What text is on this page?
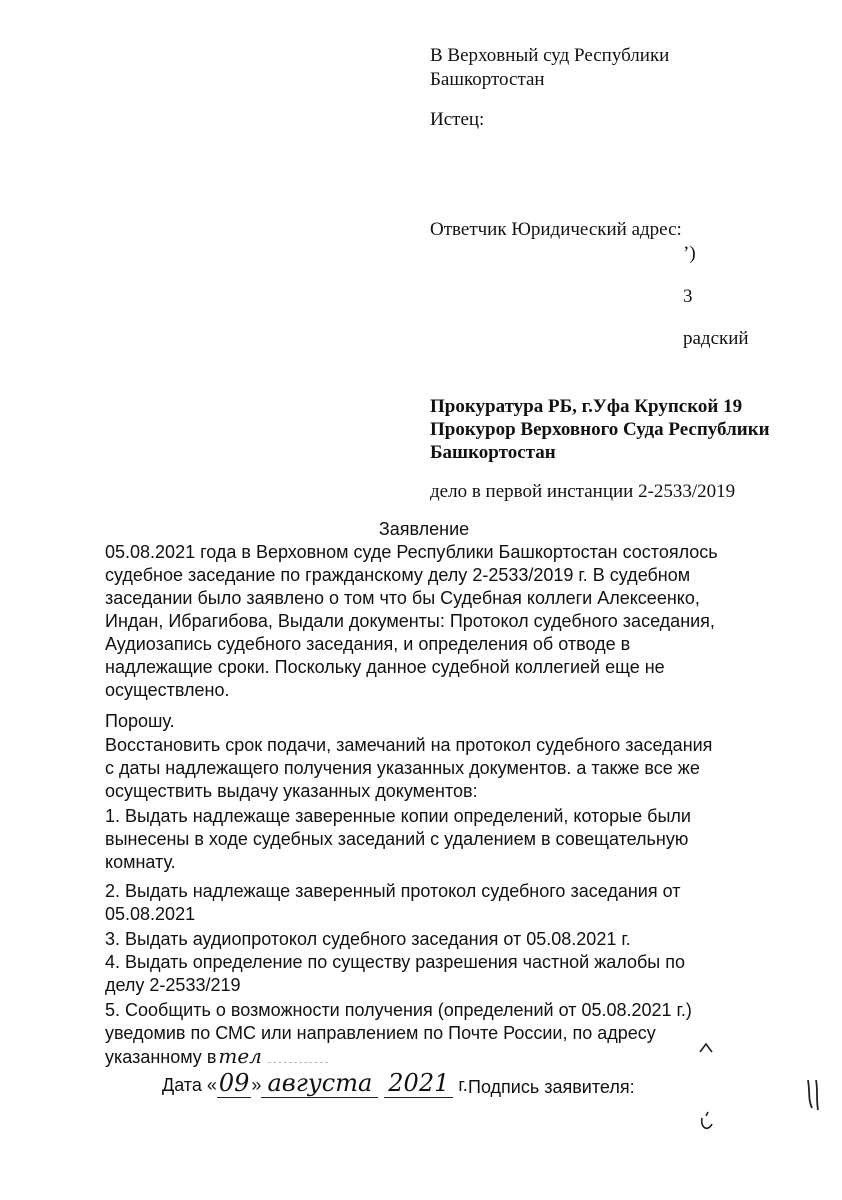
В Верховный суд Республики
Башкортостан
Истец:
Ответчик Юридический адрес:
’)
3
радский
Прокуратура РБ, г.Уфа Крупской 19
Прокурор Верховного Суда Республики
Башкортостан
дело в первой инстанции 2-2533/2019
Заявление
05.08.2021 года в Верховном суде Республики Башкортостан состоялось
судебное заседание по гражданскому делу 2-2533/2019 г. В судебном
заседании было заявлено о том что бы Судебная коллеги Алексеенко,
Индан, Ибрагибова, Выдали документы: Протокол судебного заседания,
Аудиозапись судебного заседания, и определения об отводе в
надлежащие сроки. Поскольку данное судебной коллегией еще не
осуществлено.
Порошу.
Восстановить срок подачи, замечаний на протокол судебного заседания
с даты надлежащего получения указанных документов. а также все же
осуществить выдачу указанных документов:
1. Выдать надлежаще заверенные копии определений, которые были
вынесены в ходе судебных заседаний с удалением в совещательную
комнату.
2. Выдать надлежаще заверенный протокол судебного заседания от
05.08.2021
3. Выдать аудиопротокол судебного заседания от 05.08.2021 г.
4. Выдать определение по существу разрешения частной жалобы по
делу 2-2533/219
5. Сообщить о возможности получения (определений от 05.08.2021 г.)
уведомив по СМС или направлением по Почте России, по адресу
указанному в тел
Дата «09 » августа 2021 г. Подпись заявителя:
